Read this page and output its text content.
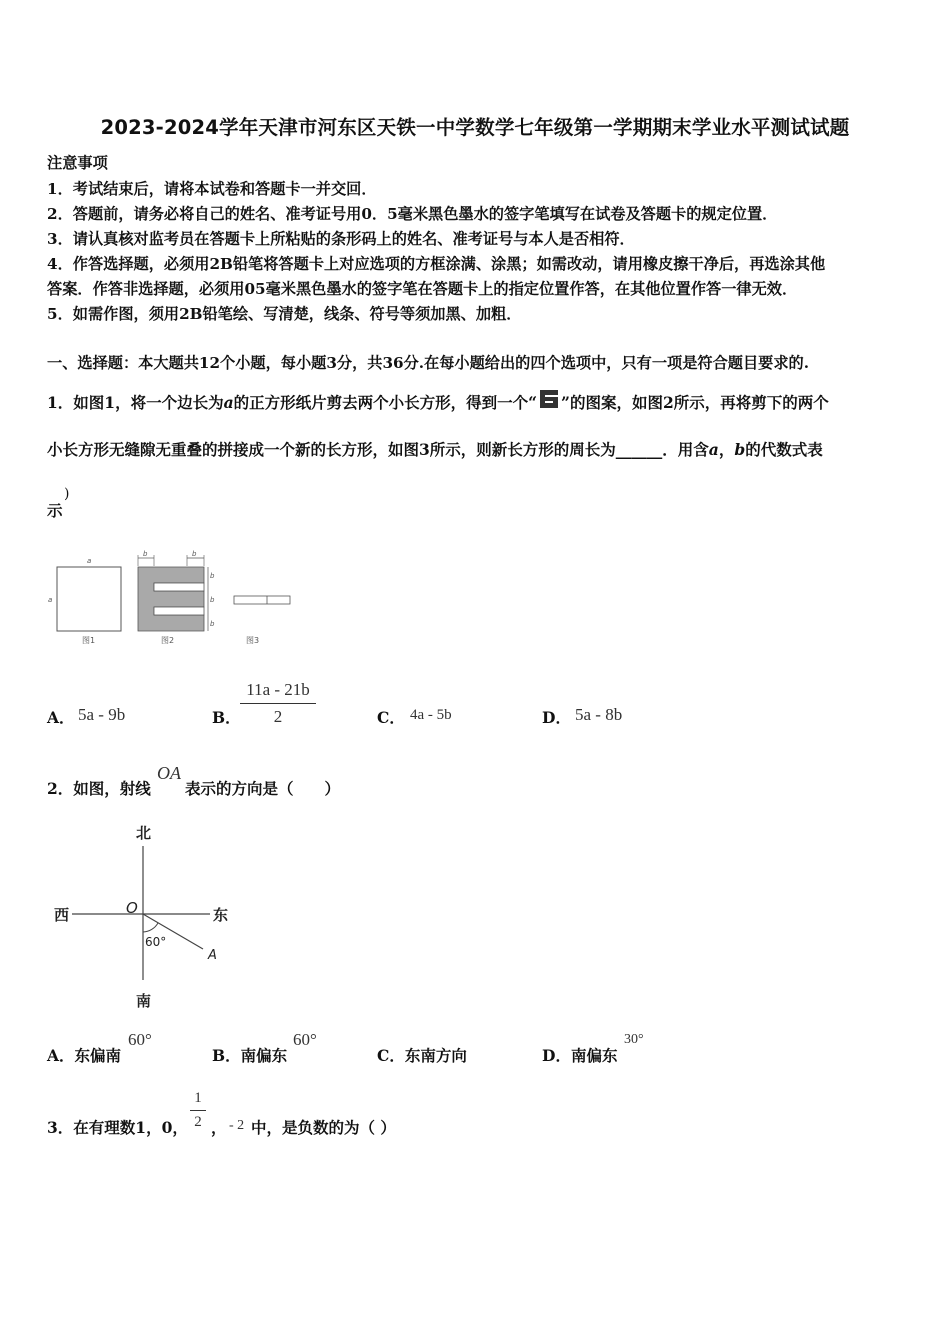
2023-2024学年天津市河东区天铁一中学数学七年级第一学期期末学业水平测试试题
注意事项
1．考试结束后，请将本试卷和答题卡一并交回．
2．答题前，请务必将自己的姓名、准考证号用0．5毫米黑色墨水的签字笔填写在试卷及答题卡的规定位置．
3．请认真核对监考员在答题卡上所粘贴的条形码上的姓名、准考证号与本人是否相符．
4．作答选择题，必须用2B铅笔将答题卡上对应选项的方框涂满、涂黑；如需改动，请用橡皮擦干净后，再选涂其他
答案．作答非选择题，必须用05毫米黑色墨水的签字笔在答题卡上的指定位置作答，在其他位置作答一律无效．
5．如需作图，须用2B铅笔绘、写清楚，线条、符号等须加黑、加粗．
一、选择题：本大题共12个小题，每小题3分，共36分.在每小题给出的四个选项中，只有一项是符合题目要求的.
1．如图1，将一个边长为a的正方形纸片剪去两个小长方形，得到一个“ ”的图案，如图2所示，再将剪下的两个
小长方形无缝隙无重叠的拼接成一个新的长方形，如图3所示，则新长方形的周长为______．用含a，b的代数式表
示
)
a
a
图1
b	b
b
b
b
图2	图3
A． 5a - 9b	B．
11a - 21b
2	C． 4a - 5b	D． 5a - 8b
2．如图，射线
OA
表示的方向是（　　）
北
南
西	东
O
A
60°
A．东偏南
60°
B．南偏东
60°
C．东南方向	D．南偏东
30°
3．在有理数1，0，
1
2 ， - 2 中，是负数的为（ ）
